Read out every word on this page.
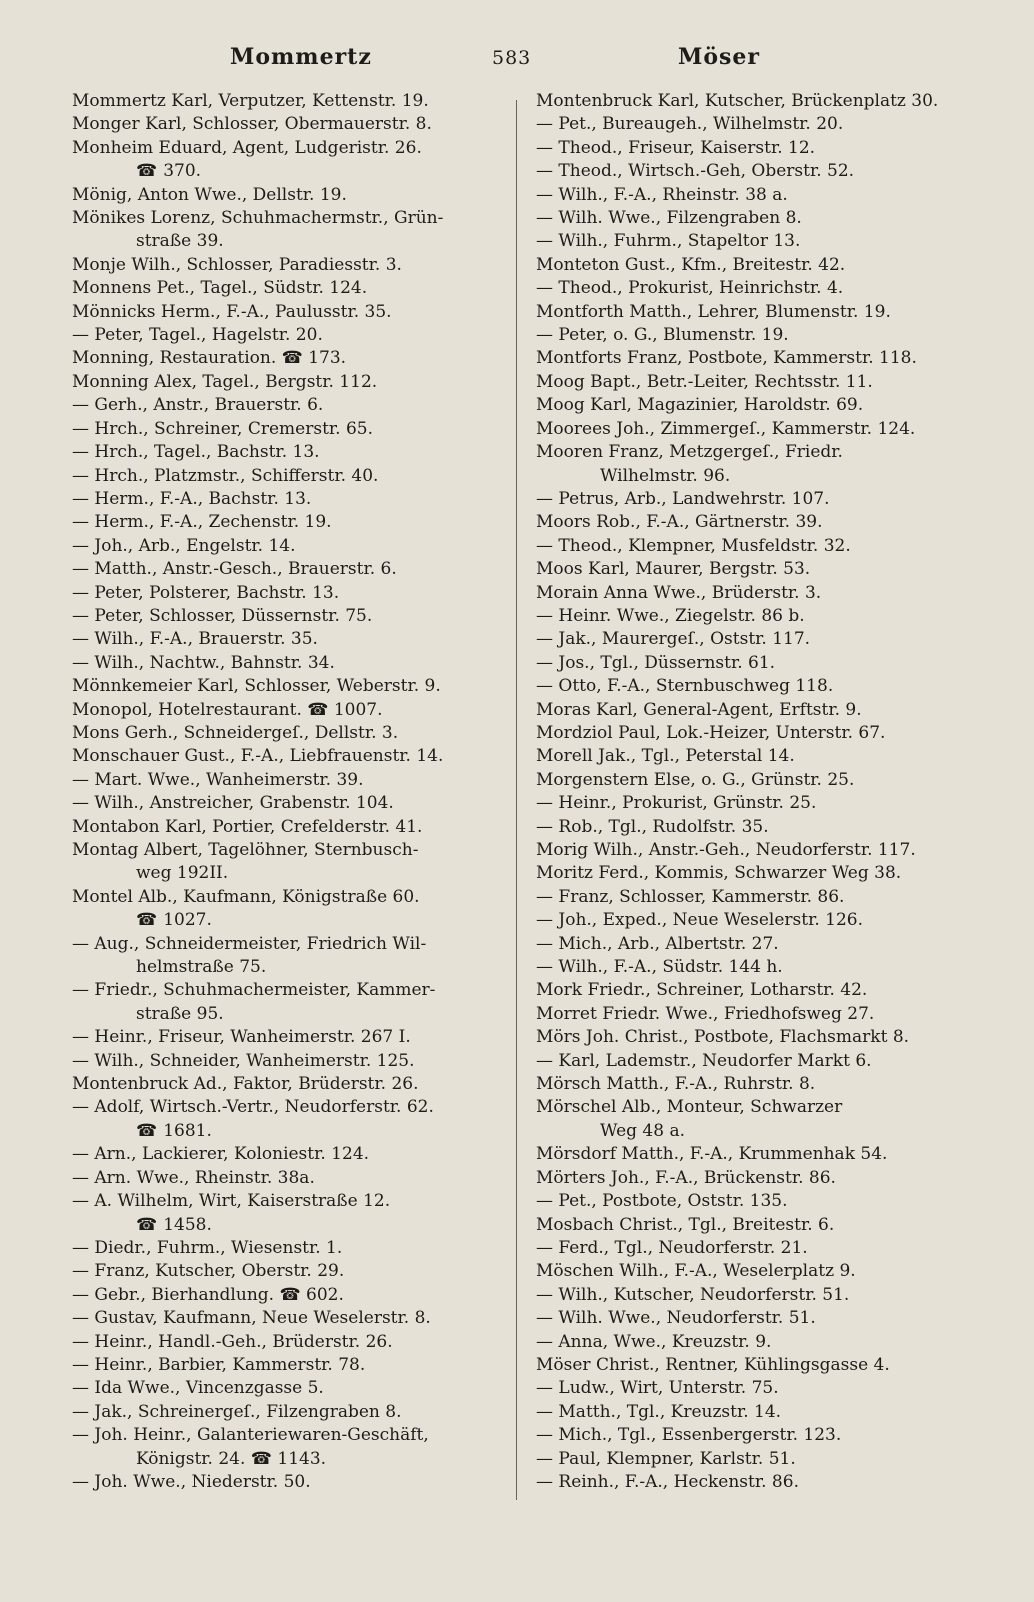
Mommertz	583	Möser
Mommertz Karl, Verputzer, Kettenstr. 19.
Monger Karl, Schlosser, Obermauerstr. 8.
Monheim Eduard, Agent, Ludgeristr. 26.
☎ 370.
Mönig, Anton Wwe., Dellstr. 19.
Mönikes Lorenz, Schuhmachermstr., Grün-
straße 39.
Monje Wilh., Schlosser, Paradiesstr. 3.
Monnens Pet., Tagel., Südstr. 124.
Mönnicks Herm., F.-A., Paulusstr. 35.
— Peter, Tagel., Hagelstr. 20.
Monning, Restauration. ☎ 173.
Monning Alex, Tagel., Bergstr. 112.
— Gerh., Anstr., Brauerstr. 6.
— Hrch., Schreiner, Cremerstr. 65.
— Hrch., Tagel., Bachstr. 13.
— Hrch., Platzmstr., Schifferstr. 40.
— Herm., F.-A., Bachstr. 13.
— Herm., F.-A., Zechenstr. 19.
— Joh., Arb., Engelstr. 14.
— Matth., Anstr.-Gesch., Brauerstr. 6.
— Peter, Polsterer, Bachstr. 13.
— Peter, Schlosser, Düssernstr. 75.
— Wilh., F.-A., Brauerstr. 35.
— Wilh., Nachtw., Bahnstr. 34.
Mönnkemeier Karl, Schlosser, Weberstr. 9.
Monopol, Hotelrestaurant. ☎ 1007.
Mons Gerh., Schneidergeſ., Dellstr. 3.
Monschauer Gust., F.-A., Liebfrauenstr. 14.
— Mart. Wwe., Wanheimerstr. 39.
— Wilh., Anstreicher, Grabenstr. 104.
Montabon Karl, Portier, Crefelderstr. 41.
Montag Albert, Tagelöhner, Sternbusch-
weg 192II.
Montel Alb., Kaufmann, Königstraße 60.
☎ 1027.
— Aug., Schneidermeister, Friedrich Wil-
helmstraße 75.
— Friedr., Schuhmachermeister, Kammer-
straße 95.
— Heinr., Friseur, Wanheimerstr. 267 I.
— Wilh., Schneider, Wanheimerstr. 125.
Montenbruck Ad., Faktor, Brüderstr. 26.
— Adolf, Wirtsch.-Vertr., Neudorferstr. 62.
☎ 1681.
— Arn., Lackierer, Koloniestr. 124.
— Arn. Wwe., Rheinstr. 38a.
— A. Wilhelm, Wirt, Kaiserstraße 12.
☎ 1458.
— Diedr., Fuhrm., Wiesenstr. 1.
— Franz, Kutscher, Oberstr. 29.
— Gebr., Bierhandlung. ☎ 602.
— Gustav, Kaufmann, Neue Weselerstr. 8.
— Heinr., Handl.-Geh., Brüderstr. 26.
— Heinr., Barbier, Kammerstr. 78.
— Ida Wwe., Vincenzgasse 5.
— Jak., Schreinergeſ., Filzengraben 8.
— Joh. Heinr., Galanteriewaren-Geschäft,
Königstr. 24. ☎ 1143.
— Joh. Wwe., Niederstr. 50.
Montenbruck Karl, Kutscher, Brückenplatz 30.
— Pet., Bureaugeh., Wilhelmstr. 20.
— Theod., Friseur, Kaiserstr. 12.
— Theod., Wirtsch.-Geh, Oberstr. 52.
— Wilh., F.-A., Rheinstr. 38 a.
— Wilh. Wwe., Filzengraben 8.
— Wilh., Fuhrm., Stapeltor 13.
Monteton Gust., Kfm., Breitestr. 42.
— Theod., Prokurist, Heinrichstr. 4.
Montforth Matth., Lehrer, Blumenstr. 19.
— Peter, o. G., Blumenstr. 19.
Montforts Franz, Postbote, Kammerstr. 118.
Moog Bapt., Betr.-Leiter, Rechtsstr. 11.
Moog Karl, Magazinier, Haroldstr. 69.
Moorees Joh., Zimmergeſ., Kammerstr. 124.
Mooren Franz, Metzgergeſ., Friedr.
Wilhelmstr. 96.
— Petrus, Arb., Landwehrstr. 107.
Moors Rob., F.-A., Gärtnerstr. 39.
— Theod., Klempner, Musfeldstr. 32.
Moos Karl, Maurer, Bergstr. 53.
Morain Anna Wwe., Brüderstr. 3.
— Heinr. Wwe., Ziegelstr. 86 b.
— Jak., Maurergeſ., Oststr. 117.
— Jos., Tgl., Düssernstr. 61.
— Otto, F.-A., Sternbuschweg 118.
Moras Karl, General-Agent, Erftstr. 9.
Mordziol Paul, Lok.-Heizer, Unterstr. 67.
Morell Jak., Tgl., Peterstal 14.
Morgenstern Else, o. G., Grünstr. 25.
— Heinr., Prokurist, Grünstr. 25.
— Rob., Tgl., Rudolfstr. 35.
Morig Wilh., Anstr.-Geh., Neudorferstr. 117.
Moritz Ferd., Kommis, Schwarzer Weg 38.
— Franz, Schlosser, Kammerstr. 86.
— Joh., Exped., Neue Weselerstr. 126.
— Mich., Arb., Albertstr. 27.
— Wilh., F.-A., Südstr. 144 h.
Mork Friedr., Schreiner, Lotharstr. 42.
Morret Friedr. Wwe., Friedhofsweg 27.
Mörs Joh. Christ., Postbote, Flachsmarkt 8.
— Karl, Lademstr., Neudorfer Markt 6.
Mörsch Matth., F.-A., Ruhrstr. 8.
Mörschel Alb., Monteur, Schwarzer
Weg 48 a.
Mörsdorf Matth., F.-A., Krummenhak 54.
Mörters Joh., F.-A., Brückenstr. 86.
— Pet., Postbote, Oststr. 135.
Mosbach Christ., Tgl., Breitestr. 6.
— Ferd., Tgl., Neudorferstr. 21.
Möschen Wilh., F.-A., Weselerplatz 9.
— Wilh., Kutscher, Neudorferstr. 51.
— Wilh. Wwe., Neudorferstr. 51.
— Anna, Wwe., Kreuzstr. 9.
Möser Christ., Rentner, Kühlingsgasse 4.
— Ludw., Wirt, Unterstr. 75.
— Matth., Tgl., Kreuzstr. 14.
— Mich., Tgl., Essenbergerstr. 123.
— Paul, Klempner, Karlstr. 51.
— Reinh., F.-A., Heckenstr. 86.
